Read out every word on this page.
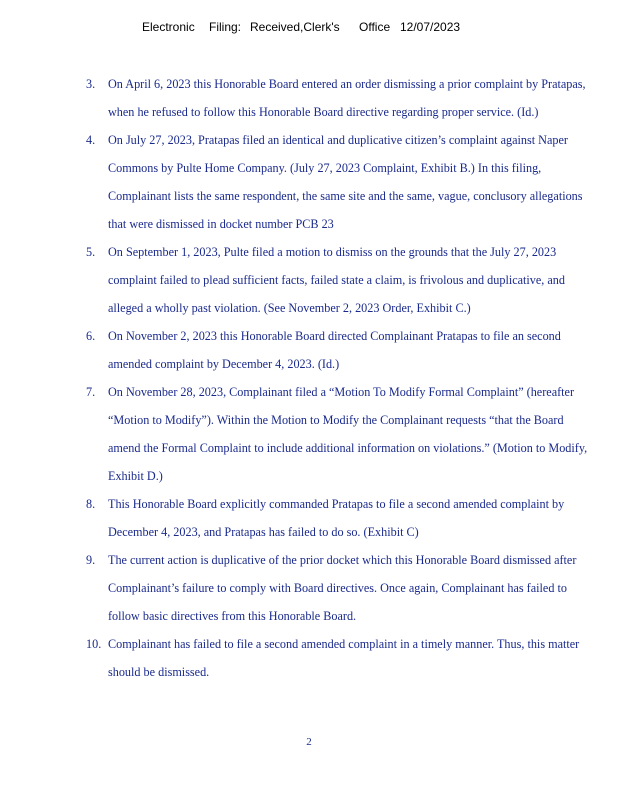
Electronic Filing: Received,Clerk's Office 12/07/2023
3. On April 6, 2023 this Honorable Board entered an order dismissing a prior complaint by Pratapas, when he refused to follow this Honorable Board directive regarding proper service. (Id.)
4. On July 27, 2023, Pratapas filed an identical and duplicative citizen’s complaint against Naper Commons by Pulte Home Company. (July 27, 2023 Complaint, Exhibit B.) In this filing, Complainant lists the same respondent, the same site and the same, vague, conclusory allegations that were dismissed in docket number PCB 23
5. On September 1, 2023, Pulte filed a motion to dismiss on the grounds that the July 27, 2023 complaint failed to plead sufficient facts, failed state a claim, is frivolous and duplicative, and alleged a wholly past violation. (See November 2, 2023 Order, Exhibit C.)
6. On November 2, 2023 this Honorable Board directed Complainant Pratapas to file an second amended complaint by December 4, 2023. (Id.)
7. On November 28, 2023, Complainant filed a “Motion To Modify Formal Complaint” (hereafter “Motion to Modify”). Within the Motion to Modify the Complainant requests “that the Board amend the Formal Complaint to include additional information on violations.” (Motion to Modify, Exhibit D.)
8. This Honorable Board explicitly commanded Pratapas to file a second amended complaint by December 4, 2023, and Pratapas has failed to do so. (Exhibit C)
9. The current action is duplicative of the prior docket which this Honorable Board dismissed after Complainant’s failure to comply with Board directives. Once again, Complainant has failed to follow basic directives from this Honorable Board.
10. Complainant has failed to file a second amended complaint in a timely manner. Thus, this matter should be dismissed.
2
